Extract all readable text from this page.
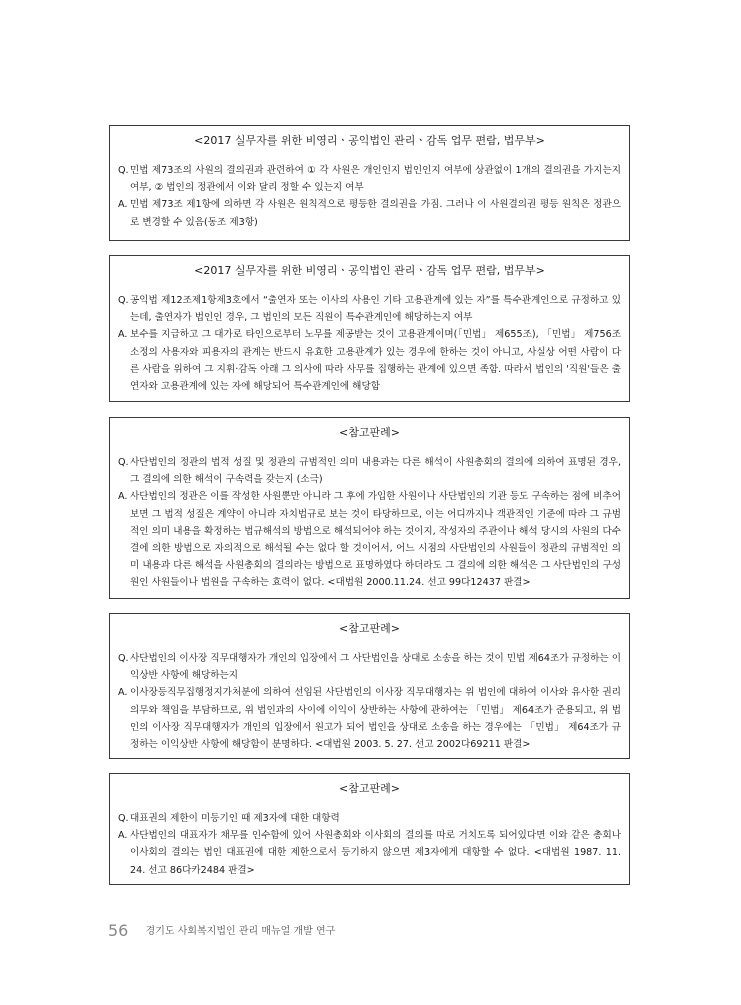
<2017 실무자를 위한 비영리ㆍ공익법인 관리ㆍ감독 업무 편람, 법무부>
Q. 민법 제73조의 사원의 결의권과 관련하여 ① 각 사원은 개인인지 법인인지 여부에 상관없이 1개의 결의권을 가지는지 여부, ② 법인의 정관에서 이와 달리 정할 수 있는지 여부
A. 민법 제73조 제1항에 의하면 각 사원은 원칙적으로 평등한 결의권을 가짐. 그러나 이 사원결의권 평등 원칙은 정관으로 변경할 수 있음(동조 제3항)
<2017 실무자를 위한 비영리ㆍ공익법인 관리ㆍ감독 업무 편람, 법무부>
Q. 공익법 제12조제1항제3호에서 “출연자 또는 이사의 사용인 기타 고용관계에 있는 자”를 특수관계인으로 규정하고 있는데, 출연자가 법인인 경우, 그 법인의 모든 직원이 특수관계인에 해당하는지 여부
A. 보수를 지급하고 그 대가로 타인으로부터 노무를 제공받는 것이 고용관계이며(「민법」 제655조), 「민법」 제756조 소정의 사용자와 피용자의 관계는 반드시 유효한 고용관계가 있는 경우에 한하는 것이 아니고, 사실상 어떤 사람이 다른 사람을 위하여 그 지휘·감독 아래 그 의사에 따라 사무를 집행하는 관계에 있으면 족함. 따라서 법인의 '직원'들은 출연자와 고용관계에 있는 자에 해당되어 특수관계인에 해당함
<참고판례>
Q. 사단법인의 정관의 법적 성질 및 정관의 규범적인 의미 내용과는 다른 해석이 사원총회의 결의에 의하여 표명된 경우, 그 결의에 의한 해석이 구속력을 갖는지 (소극)
A. 사단법인의 정관은 이를 작성한 사원뿐만 아니라 그 후에 가입한 사원이나 사단법인의 기관 등도 구속하는 점에 비추어 보면 그 법적 성질은 계약이 아니라 자치법규로 보는 것이 타당하므로, 이는 어디까지나 객관적인 기준에 따라 그 규범적인 의미 내용을 확정하는 법규해석의 방법으로 해석되어야 하는 것이지, 작성자의 주관이나 해석 당시의 사원의 다수결에 의한 방법으로 자의적으로 해석될 수는 없다 할 것이어서, 어느 시점의 사단법인의 사원들이 정관의 규범적인 의미 내용과 다른 해석을 사원총회의 결의라는 방법으로 표명하였다 하더라도 그 결의에 의한 해석은 그 사단법인의 구성원인 사원들이나 법원을 구속하는 효력이 없다. <대법원 2000.11.24. 선고 99다12437 판결>
<참고판례>
Q. 사단법인의 이사장 직무대행자가 개인의 입장에서 그 사단법인을 상대로 소송을 하는 것이 민법 제64조가 규정하는 이익상반 사항에 해당하는지
A. 이사장등직무집행정지가처분에 의하여 선임된 사단법인의 이사장 직무대행자는 위 법인에 대하여 이사와 유사한 권리의무와 책임을 부담하므로, 위 법인과의 사이에 이익이 상반하는 사항에 관하여는 「민법」 제64조가 준용되고, 위 법인의 이사장 직무대행자가 개인의 입장에서 원고가 되어 법인을 상대로 소송을 하는 경우에는 「민법」 제64조가 규정하는 이익상반 사항에 해당함이 분명하다. <대법원 2003. 5. 27. 선고 2002다69211 판결>
<참고판례>
Q. 대표권의 제한이 미등기인 때 제3자에 대한 대항력
A. 사단법인의 대표자가 채무를 인수함에 있어 사원총회와 이사회의 결의를 따로 거치도록 되어있다면 이와 같은 총회나 이사회의 결의는 법인 대표권에 대한 제한으로서 등기하지 않으면 제3자에게 대항할 수 없다. <대법원 1987. 11. 24. 선고 86다카2484 판결>
56 경기도 사회복지법인 관리 매뉴얼 개발 연구
